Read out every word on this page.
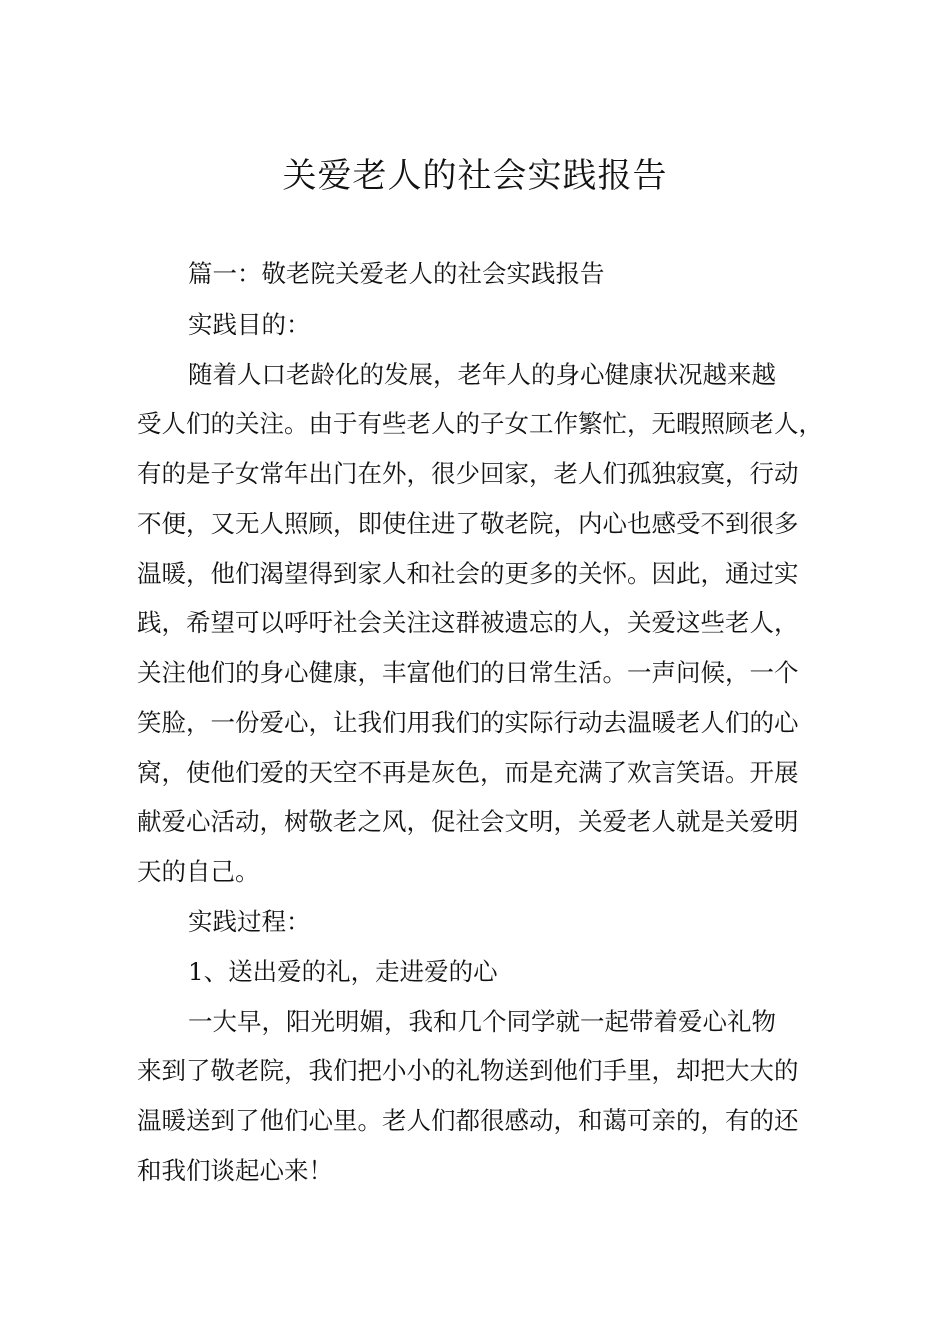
关爱老人的社会实践报告

篇一：敬老院关爱老人的社会实践报告

实践目的：

随着人口老龄化的发展，老年人的身心健康状况越来越

受人们的关注。由于有些老人的子女工作繁忙，无暇照顾老人，

有的是子女常年出门在外，很少回家，老人们孤独寂寞，行动

不便，又无人照顾，即使住进了敬老院，内心也感受不到很多

温暖，他们渴望得到家人和社会的更多的关怀。因此，通过实

践，希望可以呼吁社会关注这群被遗忘的人，关爱这些老人，

关注他们的身心健康，丰富他们的日常生活。一声问候，一个

笑脸，一份爱心，让我们用我们的实际行动去温暖老人们的心

窝，使他们爱的天空不再是灰色，而是充满了欢言笑语。开展

献爱心活动，树敬老之风，促社会文明，关爱老人就是关爱明

天的自己。

实践过程：

1、送出爱的礼，走进爱的心

一大早，阳光明媚，我和几个同学就一起带着爱心礼物

来到了敬老院，我们把小小的礼物送到他们手里，却把大大的

温暖送到了他们心里。老人们都很感动，和蔼可亲的，有的还

和我们谈起心来！
